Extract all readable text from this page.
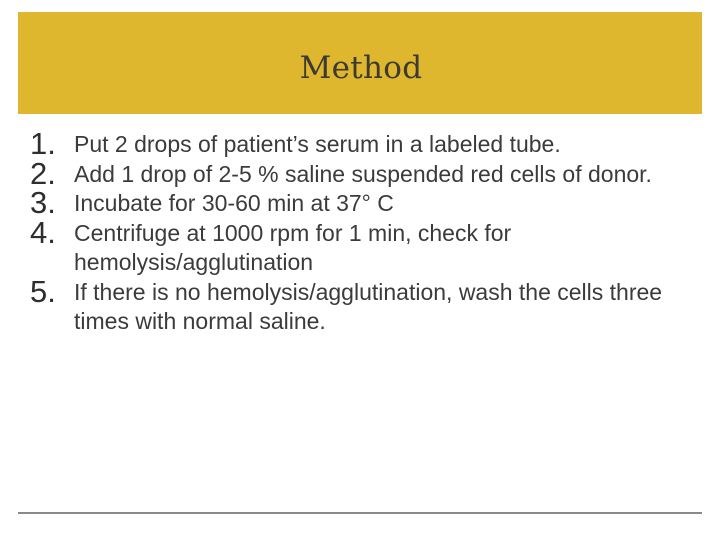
Method
1. Put 2 drops of patient’s serum in a labeled tube.
2. Add 1 drop of 2-5 % saline suspended red cells of donor.
3. Incubate for 30-60 min at 37° C
4. Centrifuge at 1000 rpm for 1 min, check for hemolysis/agglutination
5. If there is no hemolysis/agglutination, wash the cells three times with normal saline.
